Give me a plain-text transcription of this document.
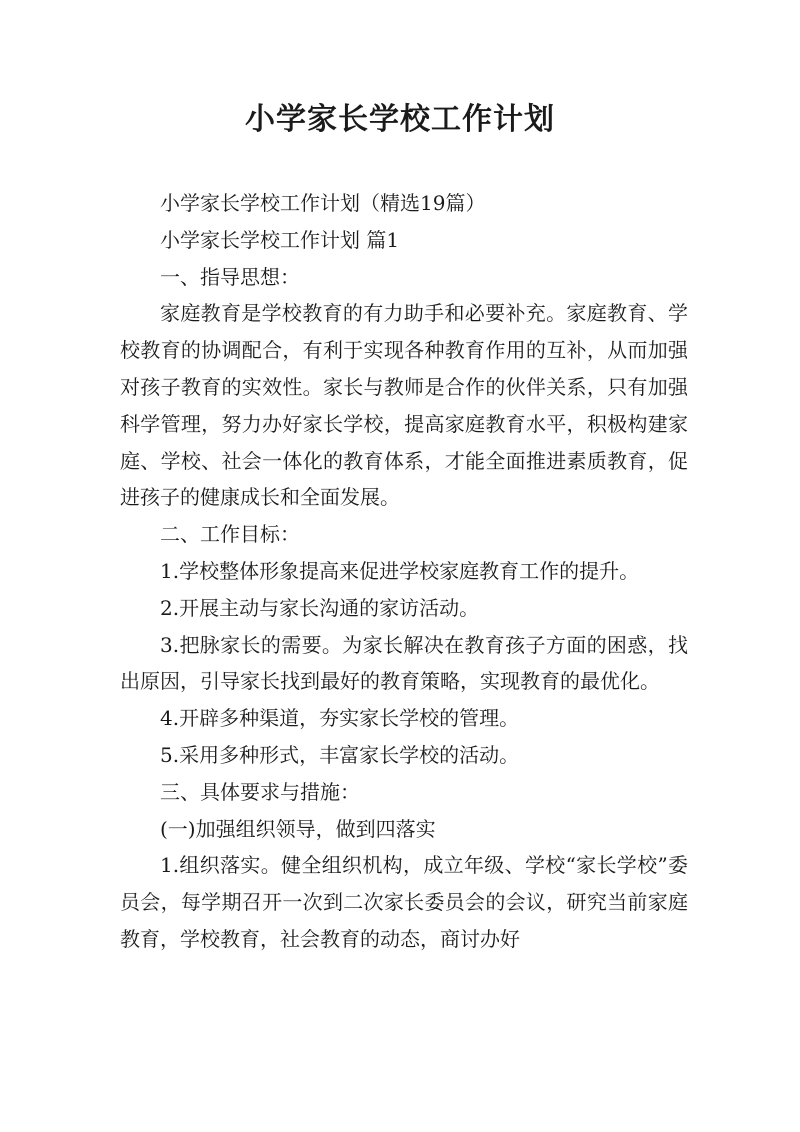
小学家长学校工作计划

小学家长学校工作计划（精选19篇）

小学家长学校工作计划 篇1

一、指导思想：

家庭教育是学校教育的有力助手和必要补充。家庭教育、学校教育的协调配合，有利于实现各种教育作用的互补，从而加强对孩子教育的实效性。家长与教师是合作的伙伴关系，只有加强科学管理，努力办好家长学校，提高家庭教育水平，积极构建家庭、学校、社会一体化的教育体系，才能全面推进素质教育，促进孩子的健康成长和全面发展。

二、工作目标：

1.学校整体形象提高来促进学校家庭教育工作的提升。

2.开展主动与家长沟通的家访活动。

3.把脉家长的需要。为家长解决在教育孩子方面的困惑，找出原因，引导家长找到最好的教育策略，实现教育的最优化。

4.开辟多种渠道，夯实家长学校的管理。

5.采用多种形式，丰富家长学校的活动。

三、具体要求与措施：

(一)加强组织领导，做到四落实

1.组织落实。健全组织机构，成立年级、学校“家长学校”委员会，每学期召开一次到二次家长委员会的会议，研究当前家庭教育，学校教育，社会教育的动态，商讨办好
